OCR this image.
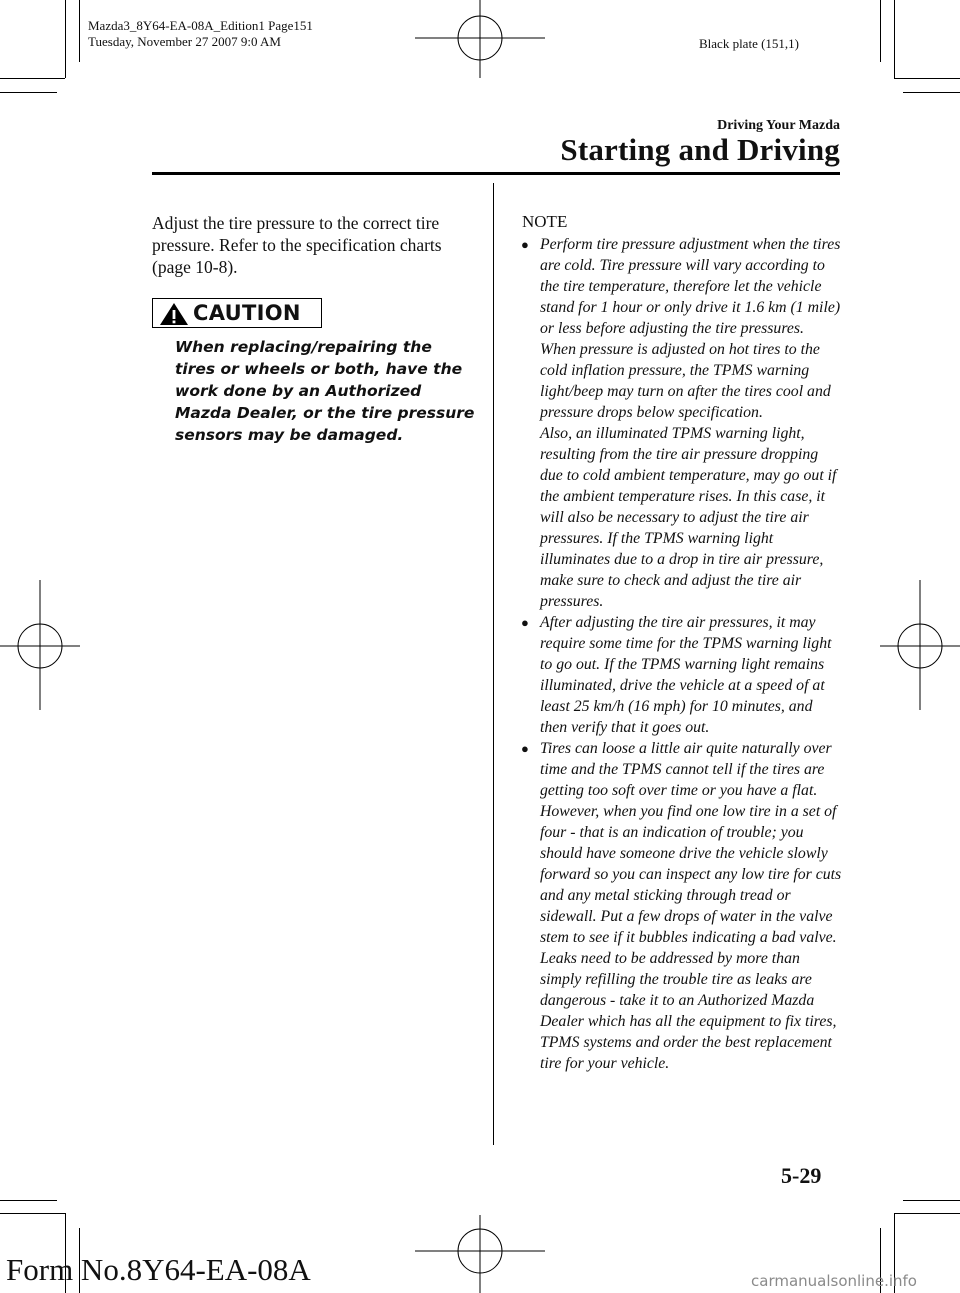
Mazda3_8Y64-EA-08A_Edition1 Page151
Tuesday, November 27 2007 9:0 AM	Black plate (151,1)
Driving Your Mazda
Starting and Driving
Adjust the tire pressure to the correct tire pressure. Refer to the specification charts (page 10-8).
CAUTION
When replacing/repairing the tires or wheels or both, have the work done by an Authorized Mazda Dealer, or the tire pressure sensors may be damaged.
NOTE
● Perform tire pressure adjustment when the tires are cold. Tire pressure will vary according to the tire temperature, therefore let the vehicle stand for 1 hour or only drive it 1.6 km (1 mile) or less before adjusting the tire pressures. When pressure is adjusted on hot tires to the cold inflation pressure, the TPMS warning light/beep may turn on after the tires cool and pressure drops below specification.
Also, an illuminated TPMS warning light, resulting from the tire air pressure dropping due to cold ambient temperature, may go out if the ambient temperature rises. In this case, it will also be necessary to adjust the tire air pressures. If the TPMS warning light illuminates due to a drop in tire air pressure, make sure to check and adjust the tire air pressures.
● After adjusting the tire air pressures, it may require some time for the TPMS warning light to go out. If the TPMS warning light remains illuminated, drive the vehicle at a speed of at least 25 km/h (16 mph) for 10 minutes, and then verify that it goes out.
● Tires can loose a little air quite naturally over time and the TPMS cannot tell if the tires are getting too soft over time or you have a flat. However, when you find one low tire in a set of four - that is an indication of trouble; you should have someone drive the vehicle slowly forward so you can inspect any low tire for cuts and any metal sticking through tread or sidewall. Put a few drops of water in the valve stem to see if it bubbles indicating a bad valve. Leaks need to be addressed by more than simply refilling the trouble tire as leaks are dangerous - take it to an Authorized Mazda Dealer which has all the equipment to fix tires, TPMS systems and order the best replacement tire for your vehicle.
5-29
Form No.8Y64-EA-08A	carmanualsonline.info
